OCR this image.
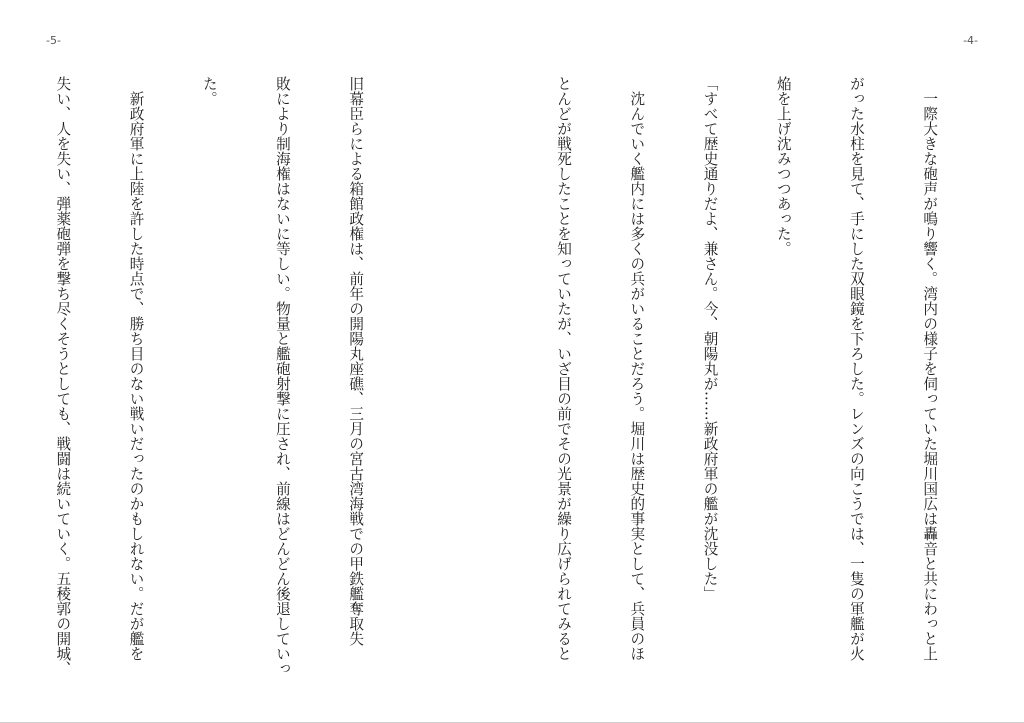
-5-

旧幕臣らによる箱館政権は、前年の開陽丸座礁、三月の宮古湾海戦での甲鉄艦奪取失

敗により制海権はないに等しい。物量と艦砲射撃に圧され、前線はどんどん後退していっ

た。

　新政府軍に上陸を許した時点で、勝ち目のない戦いだったのかもしれない。だが艦を

失い、人を失い、弾薬砲弾を撃ち尽くそうとしても、戦闘は続いていく。五稜郭の開城、

-4-

　一際大きな砲声が鳴り響く。湾内の様子を伺っていた堀川国広は轟音と共にわっと上

がった水柱を見て、手にした双眼鏡を下ろした。レンズの向こうでは、一隻の軍艦が火

焔を上げ沈みつつあった。

「すべて歴史通りだよ、兼さん。今、朝陽丸が……新政府軍の艦が沈没した」

　沈んでいく艦内には多くの兵がいることだろう。堀川は歴史的事実として、兵員のほ

とんどが戦死したことを知っていたが、いざ目の前でその光景が繰り広げられてみると
